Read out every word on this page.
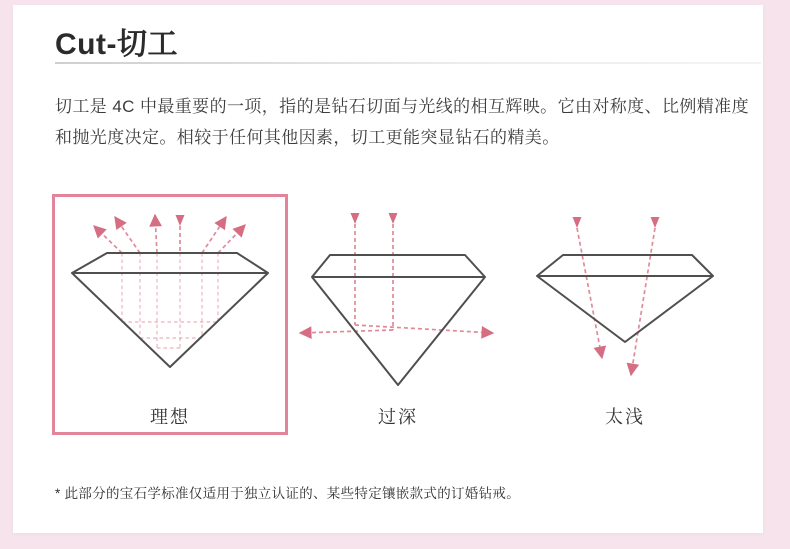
Cut-切工

切工是 4C 中最重要的一项，指的是钻石切面与光线的相互辉映。它由对称度、比例精准度和抛光度决定。相较于任何其他因素，切工更能突显钻石的精美。

理想	过深	太浅

* 此部分的宝石学标准仅适用于独立认证的、某些特定镶嵌款式的订婚钻戒。
